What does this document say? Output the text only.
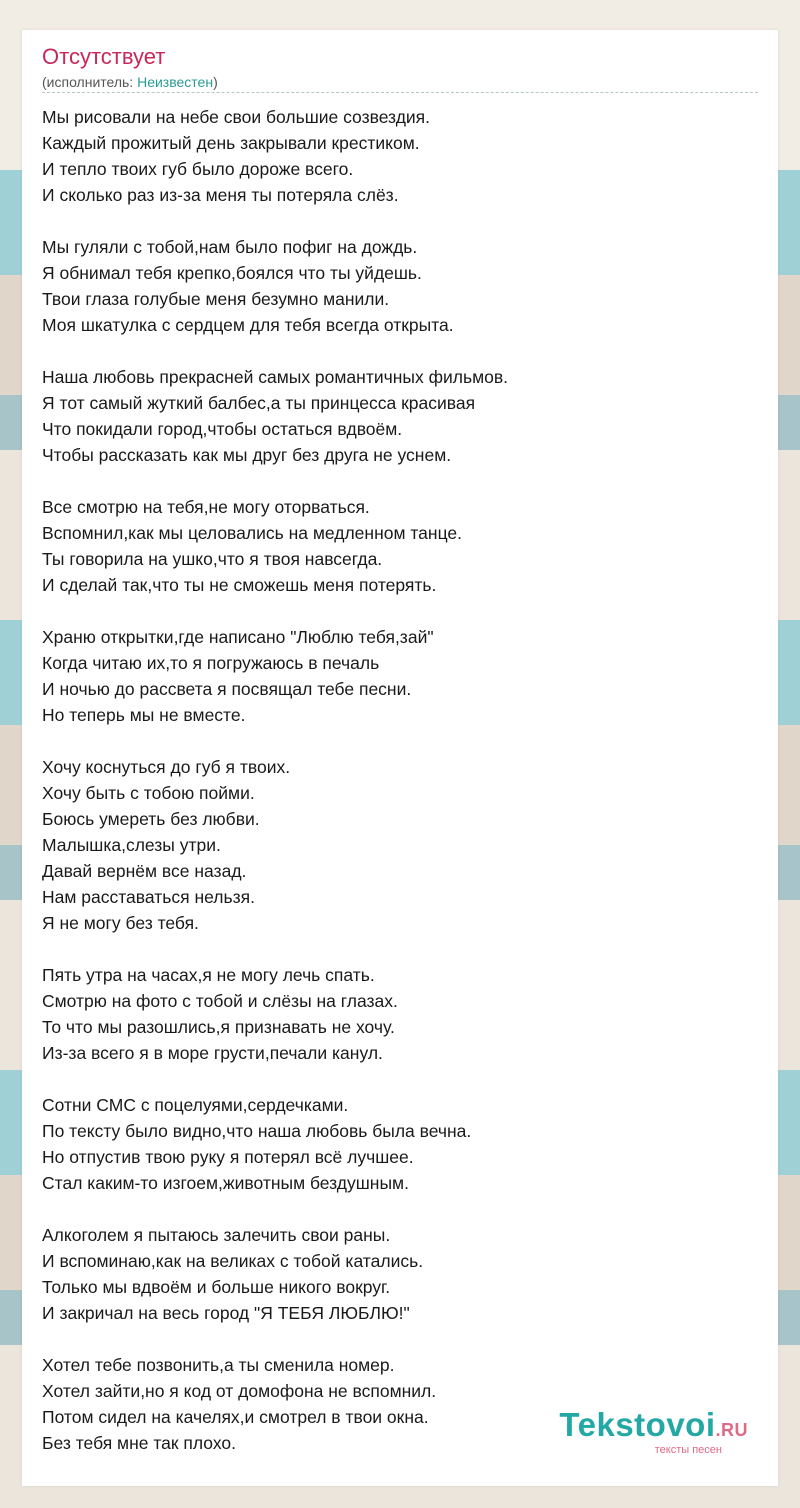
Отсутствует
(исполнитель: Неизвестен)
Мы рисовали на небе свои большие созвездия.
Каждый прожитый день закрывали крестиком.
И тепло твоих губ было дороже всего.
И сколько раз из-за меня ты потеряла слёз.
Мы гуляли с тобой,нам было пофиг на дождь.
Я обнимал тебя крепко,боялся что ты уйдешь.
Твои глаза голубые меня безумно манили.
Моя шкатулка с сердцем для тебя всегда открыта.
Наша любовь прекрасней самых романтичных фильмов.
Я тот самый жуткий балбес,а ты принцесса красивая
Что покидали город,чтобы остаться вдвоём.
Чтобы рассказать как мы друг без друга не уснем.
Все смотрю на тебя,не могу оторваться.
Вспомнил,как мы целовались на медленном танце.
Ты говорила на ушко,что я твоя навсегда.
И сделай так,что ты не сможешь меня потерять.
Храню открытки,где написано "Люблю тебя,зай"
Когда читаю их,то я погружаюсь в печаль
И ночью до рассвета я посвящал тебе песни.
Но теперь мы не вместе.
Хочу коснуться до губ я твоих.
Хочу быть с тобою пойми.
Боюсь умереть без любви.
Малышка,слезы утри.
Давай вернём все назад.
Нам расставаться нельзя.
Я не могу без тебя.
Пять утра на часах,я не могу лечь спать.
Смотрю на фото с тобой и слёзы на глазах.
То что мы разошлись,я признавать не хочу.
Из-за всего я в море грусти,печали канул.
Сотни СМС с поцелуями,сердечками.
По тексту было видно,что наша любовь была вечна.
Но отпустив твою руку я потерял всё лучшее.
Стал каким-то изгоем,животным бездушным.
Алкоголем я пытаюсь залечить свои раны.
И вспоминаю,как на великах с тобой катались.
Только мы вдвоём и больше никого вокруг.
И закричал на весь город "Я ТЕБЯ ЛЮБЛЮ!"
Хотел тебе позвонить,а ты сменила номер.
Хотел зайти,но я код от домофона не вспомнил.
Потом сидел на качелях,и смотрел в твои окна.
Без тебя мне так плохо.	Tekstovoi.RU
тексты песен
